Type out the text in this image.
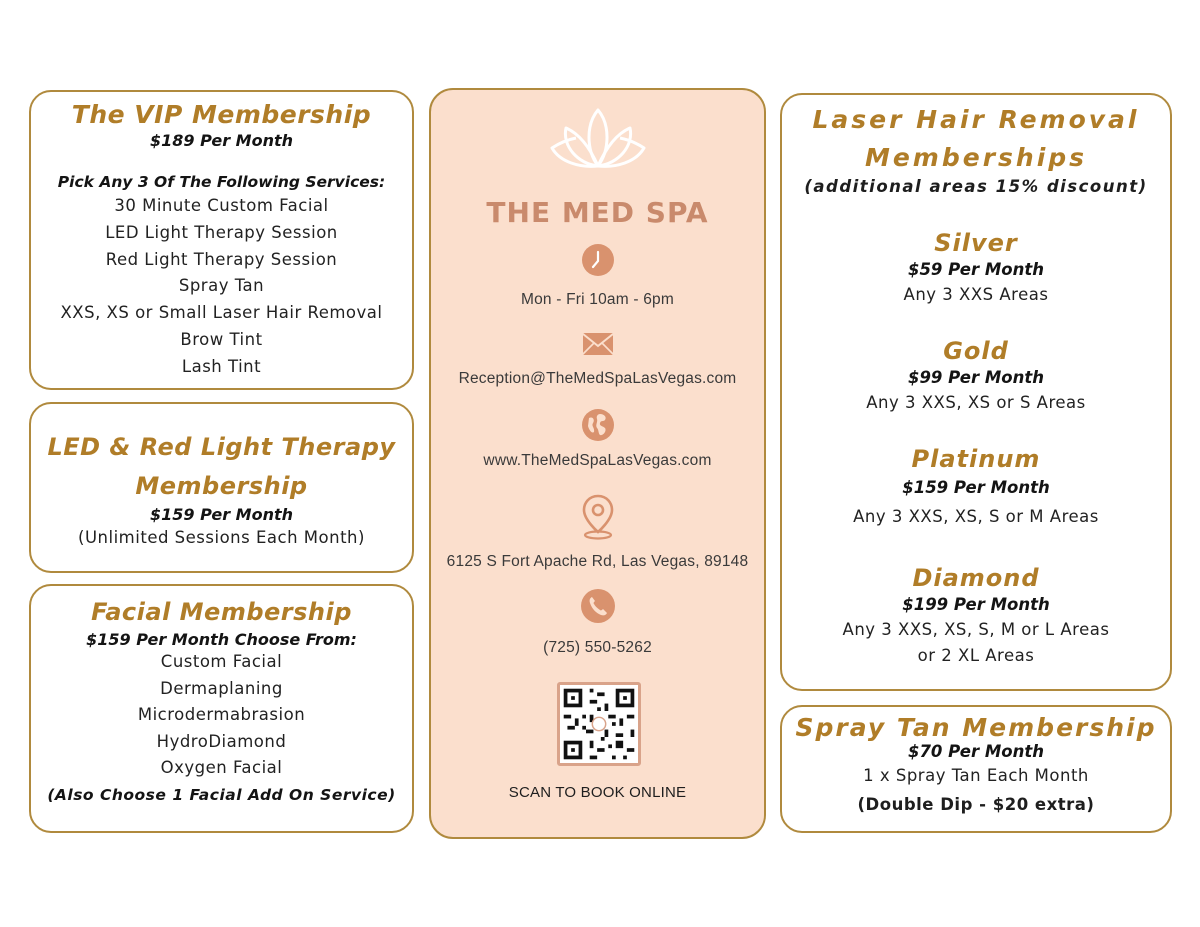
The VIP Membership

$189 Per Month

Pick Any 3 Of The Following Services:

30 Minute Custom Facial

LED Light Therapy Session

Red Light Therapy Session

Spray Tan

XXS, XS or Small Laser Hair Removal

Brow Tint

Lash Tint

LED & Red Light Therapy

Membership

$159 Per Month

(Unlimited Sessions Each Month)

Facial Membership

$159 Per Month Choose From:

Custom Facial

Dermaplaning

Microdermabrasion

HydroDiamond

Oxygen Facial

(Also Choose 1 Facial Add On Service)

THE MED SPA

Mon - Fri 10am - 6pm

Reception@TheMedSpaLasVegas.com

www.TheMedSpaLasVegas.com

6125 S Fort Apache Rd, Las Vegas, 89148

(725) 550-5262

SCAN TO BOOK ONLINE

Laser Hair Removal

Memberships

(additional areas 15% discount)

Silver

$59 Per Month

Any 3 XXS Areas

Gold

$99 Per Month

Any 3 XXS, XS or S Areas

Platinum

$159 Per Month

Any 3 XXS, XS, S or M Areas

Diamond

$199 Per Month

Any 3 XXS, XS, S, M or L Areas

or 2 XL Areas

Spray Tan Membership

$70 Per Month

1 x Spray Tan Each Month

(Double Dip - $20 extra)
